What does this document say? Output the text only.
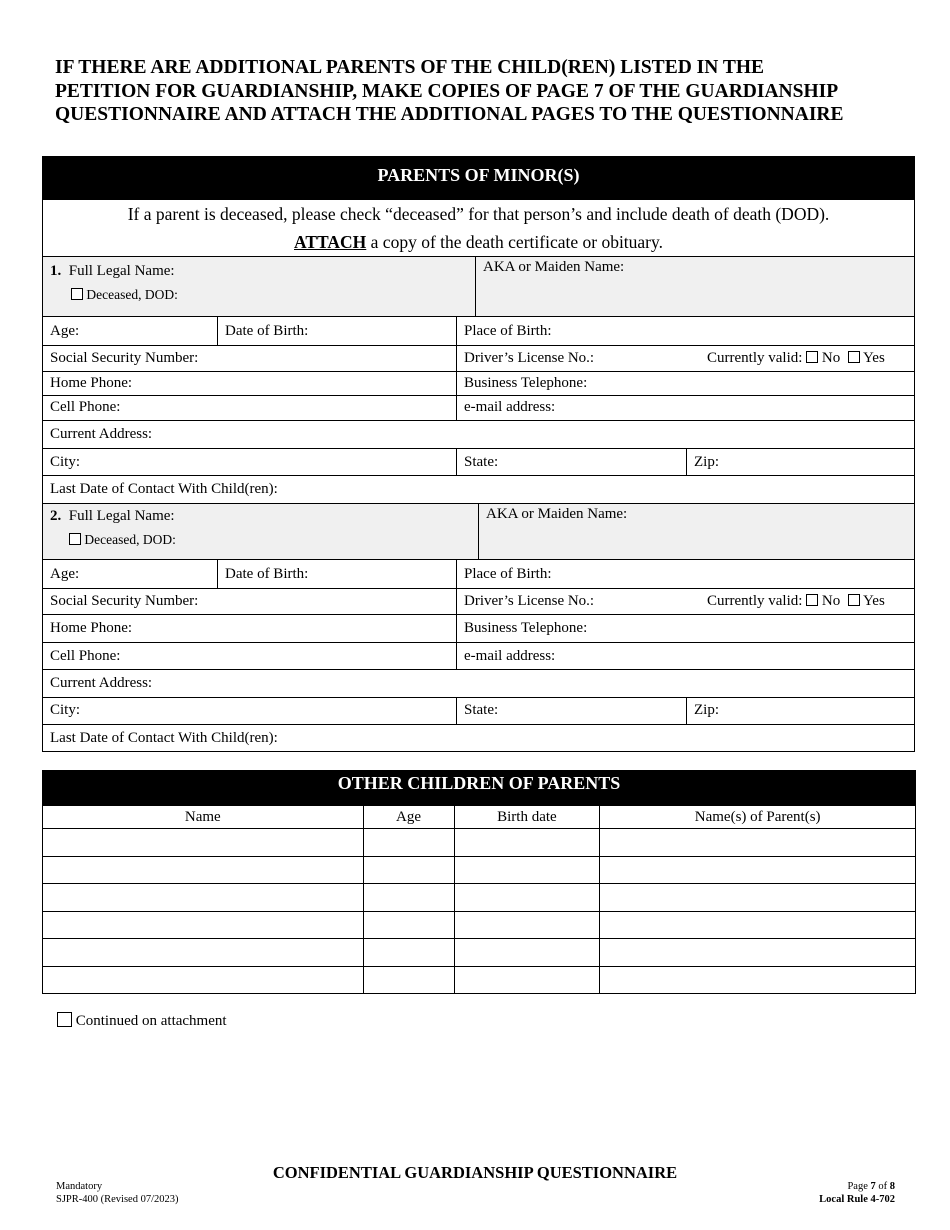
IF THERE ARE ADDITIONAL PARENTS OF THE CHILD(REN) LISTED IN THE
PETITION FOR GUARDIANSHIP, MAKE COPIES OF PAGE 7 OF THE GUARDIANSHIP
QUESTIONNAIRE AND ATTACH THE ADDITIONAL PAGES TO THE QUESTIONNAIRE
PARENTS OF MINOR(S)
If a parent is deceased, please check “deceased” for that person’s and include death of death (DOD).
ATTACH a copy of the death certificate or obituary.
1. Full Legal Name:
Deceased, DOD:
AKA or Maiden Name:
Age:	Date of Birth:	Place of Birth:
Social Security Number:	Driver’s License No.:	Currently valid: No Yes
Home Phone:	Business Telephone:
Cell Phone:	e-mail address:
Current Address:
City:	State:	Zip:
Last Date of Contact With Child(ren):
2. Full Legal Name:
Deceased, DOD:
AKA or Maiden Name:
Age:	Date of Birth:	Place of Birth:
Social Security Number:	Driver’s License No.:	Currently valid: No Yes
Home Phone:	Business Telephone:
Cell Phone:	e-mail address:
Current Address:
City:	State:	Zip:
Last Date of Contact With Child(ren):
OTHER CHILDREN OF PARENTS
Name	Age	Birth date	Name(s) of Parent(s)

Continued on attachment
CONFIDENTIAL GUARDIANSHIP QUESTIONNAIRE
Mandatory
SJPR-400 (Revised 07/2023)
Page 7 of 8
Local Rule 4-702
